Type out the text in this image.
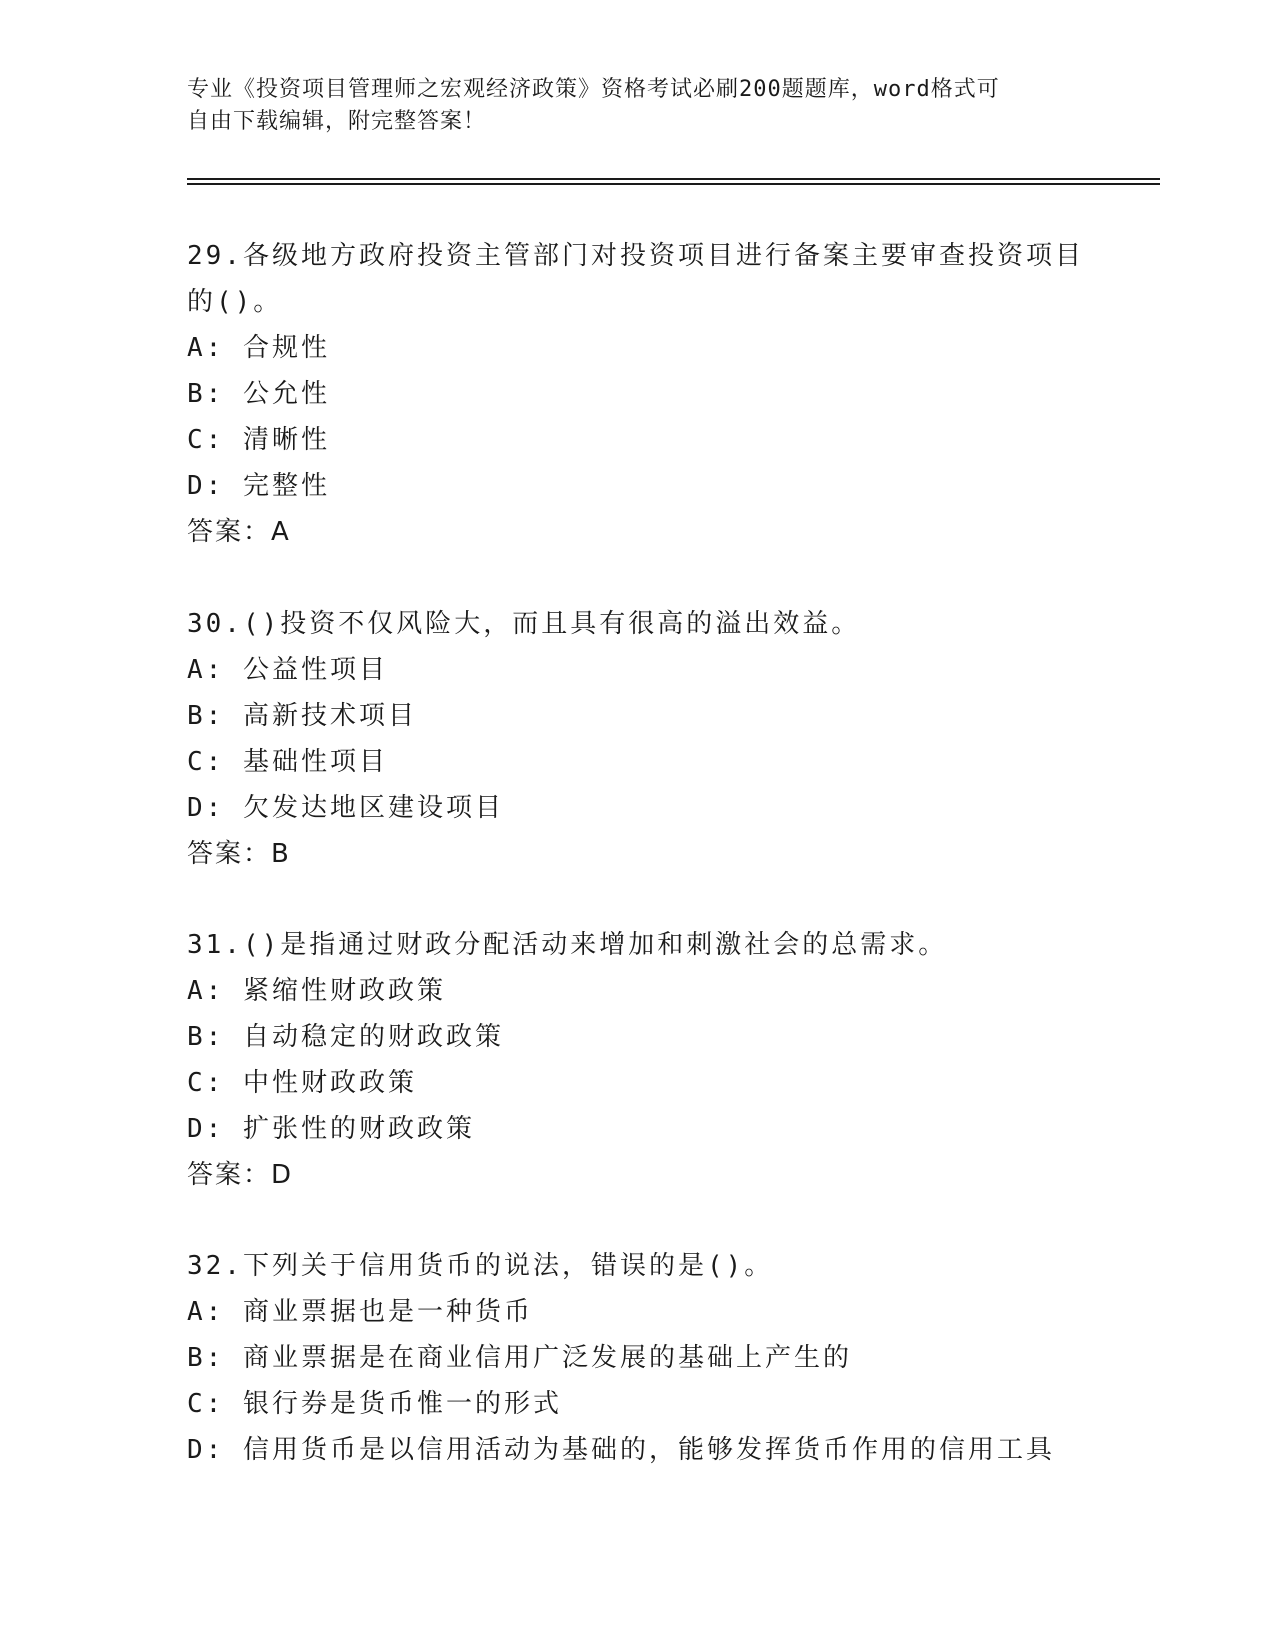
专业《投资项目管理师之宏观经济政策》资格考试必刷200题题库，word格式可
自由下载编辑，附完整答案！
29.各级地方政府投资主管部门对投资项目进行备案主要审查投资项目
的()。
A: 合规性
B: 公允性
C: 清晰性
D: 完整性
答案：A
30.()投资不仅风险大，而且具有很高的溢出效益。
A: 公益性项目
B: 高新技术项目
C: 基础性项目
D: 欠发达地区建设项目
答案：B
31.()是指通过财政分配活动来增加和刺激社会的总需求。
A: 紧缩性财政政策
B: 自动稳定的财政政策
C: 中性财政政策
D: 扩张性的财政政策
答案：D
32.下列关于信用货币的说法，错误的是()。
A: 商业票据也是一种货币
B: 商业票据是在商业信用广泛发展的基础上产生的
C: 银行券是货币惟一的形式
D: 信用货币是以信用活动为基础的，能够发挥货币作用的信用工具
